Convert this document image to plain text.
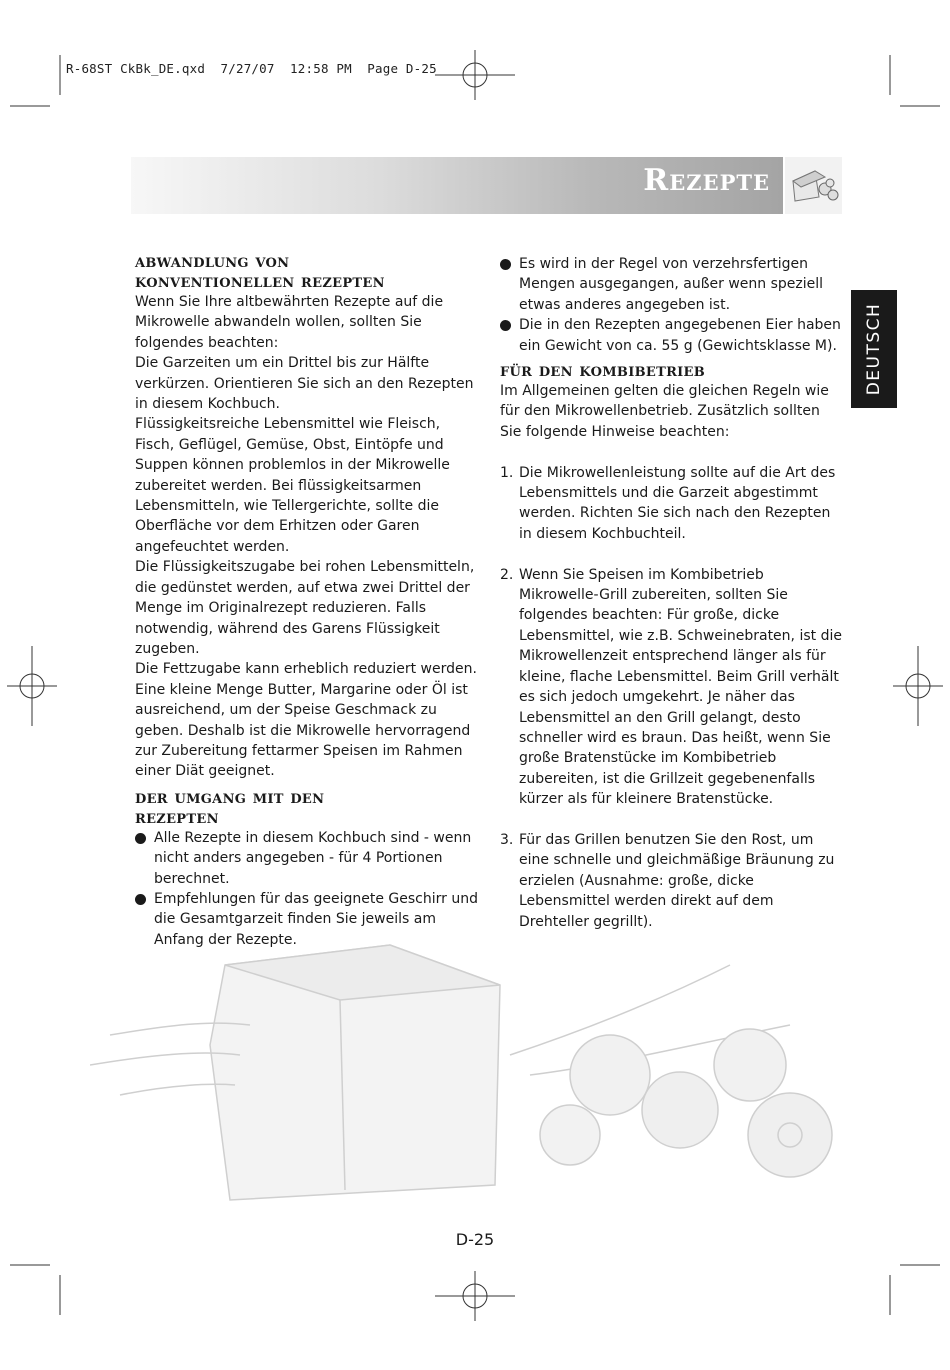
R-68ST CkBk_DE.qxd  7/27/07  12:58 PM  Page D-25
Rezepte
DEUTSCH
abwandlung von
konventionellen rezepten

Wenn Sie Ihre altbewährten Rezepte auf die Mikrowelle abwandeln wollen, sollten Sie folgendes beachten:

Die Garzeiten um ein Drittel bis zur Hälfte verkürzen. Orientieren Sie sich an den Rezepten in diesem Kochbuch.

Flüssigkeitsreiche Lebensmittel wie Fleisch, Fisch, Geflügel, Gemüse, Obst, Eintöpfe und Suppen können problemlos in der Mikrowelle zubereitet werden. Bei flüssigkeitsarmen Lebensmitteln, wie Tellergerichte, sollte die Oberfläche vor dem Erhitzen oder Garen angefeuchtet werden.

Die Flüssigkeitszugabe bei rohen Lebensmitteln, die gedünstet werden, auf etwa zwei Drittel der Menge im Originalrezept reduzieren. Falls notwendig, während des Garens Flüssigkeit zugeben.

Die Fettzugabe kann erheblich reduziert werden. Eine kleine Menge Butter, Margarine oder Öl ist ausreichend, um der Speise Geschmack zu geben. Deshalb ist die Mikrowelle hervorragend zur Zubereitung fettarmer Speisen im Rahmen einer Diät geeignet.

der umgang mit den
rezepten
Alle Rezepte in diesem Kochbuch sind - wenn nicht anders angegeben - für 4 Portionen berechnet.
Empfehlungen für das geeignete Geschirr und die Gesamtgarzeit finden Sie jeweils am Anfang der Rezepte.
Es wird in der Regel von verzehrsfertigen Mengen ausgegangen, außer wenn speziell etwas anderes angegeben ist.
Die in den Rezepten angegebenen Eier haben ein Gewicht von ca. 55 g (Gewichtsklasse M).
für den kombibetrieb

Im Allgemeinen gelten die gleichen Regeln wie für den Mikrowellenbetrieb. Zusätzlich sollten Sie folgende Hinweise beachten:

1. Die Mikrowellenleistung sollte auf die Art des Lebensmittels und die Garzeit abgestimmt werden. Richten Sie sich nach den Rezepten in diesem Kochbuchteil.
2. Wenn Sie Speisen im Kombibetrieb Mikrowelle-Grill zubereiten, sollten Sie folgendes beachten: Für große, dicke Lebensmittel, wie z.B. Schweinebraten, ist die Mikrowellenzeit entsprechend länger als für kleine, flache Lebensmittel. Beim Grill verhält es sich jedoch umgekehrt. Je näher das Lebensmittel an den Grill gelangt, desto schneller wird es braun. Das heißt, wenn Sie große Bratenstücke im Kombibetrieb zubereiten, ist die Grillzeit gegebenenfalls kürzer als für kleinere Bratenstücke.
3. Für das Grillen benutzen Sie den Rost, um eine schnelle und gleichmäßige Bräunung zu erzielen (Ausnahme: große, dicke Lebensmittel werden direkt auf dem Drehteller gegrillt).
D-25
